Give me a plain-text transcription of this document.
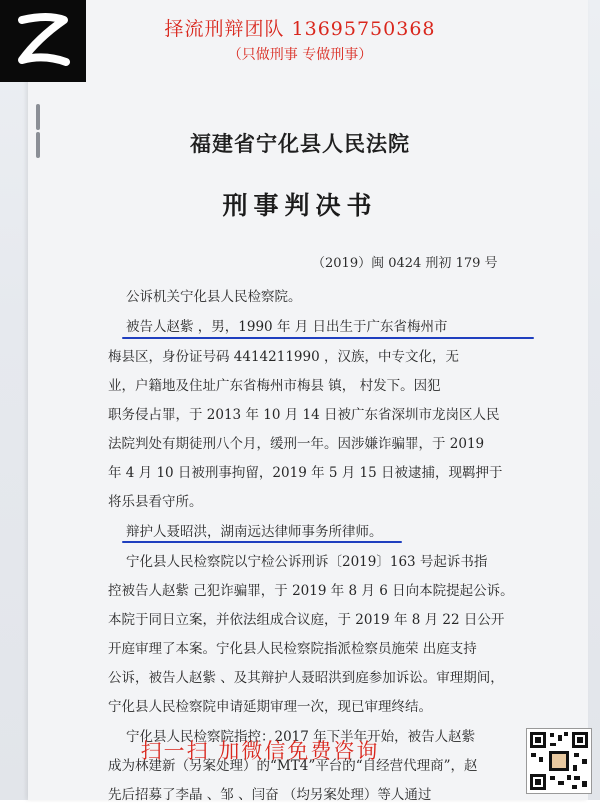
择流刑辩团队 13695750368
（只做刑事 专做刑事）
福建省宁化县人民法院
刑事判决书
（2019）闽 0424 刑初 179 号
公诉机关宁化县人民检察院。
被告人赵紫 ，男，1990 年 月 日出生于广东省梅州市
梅县区，身份证号码 4414211990 ，汉族，中专文化，无
业，户籍地及住址广东省梅州市梅县 镇， 村发下。因犯
职务侵占罪，于 2013 年 10 月 14 日被广东省深圳市龙岗区人民
法院判处有期徒刑八个月，缓刑一年。因涉嫌诈骗罪，于 2019
年 4 月 10 日被刑事拘留，2019 年 5 月 15 日被逮捕，现羁押于
将乐县看守所。
辩护人聂昭洪，湖南远达律师事务所律师。
宁化县人民检察院以宁检公诉刑诉〔2019〕163 号起诉书指
控被告人赵紫 己犯诈骗罪，于 2019 年 8 月 6 日向本院提起公诉。
本院于同日立案，并依法组成合议庭，于 2019 年 8 月 22 日公开
开庭审理了本案。宁化县人民检察院指派检察员施荣 出庭支持
公诉，被告人赵紫 、及其辩护人聂昭洪到庭参加诉讼。审理期间，
宁化县人民检察院申请延期审理一次，现已审理终结。
宁化县人民检察院指控：2017 年下半年开始，被告人赵紫
成为林建新（另案处理）的“MT4”平台的“自经营代理商”，赵
先后招募了李晶 、邹 、闫奋 （均另案处理）等人通过
扫一扫 加微信免费咨询
